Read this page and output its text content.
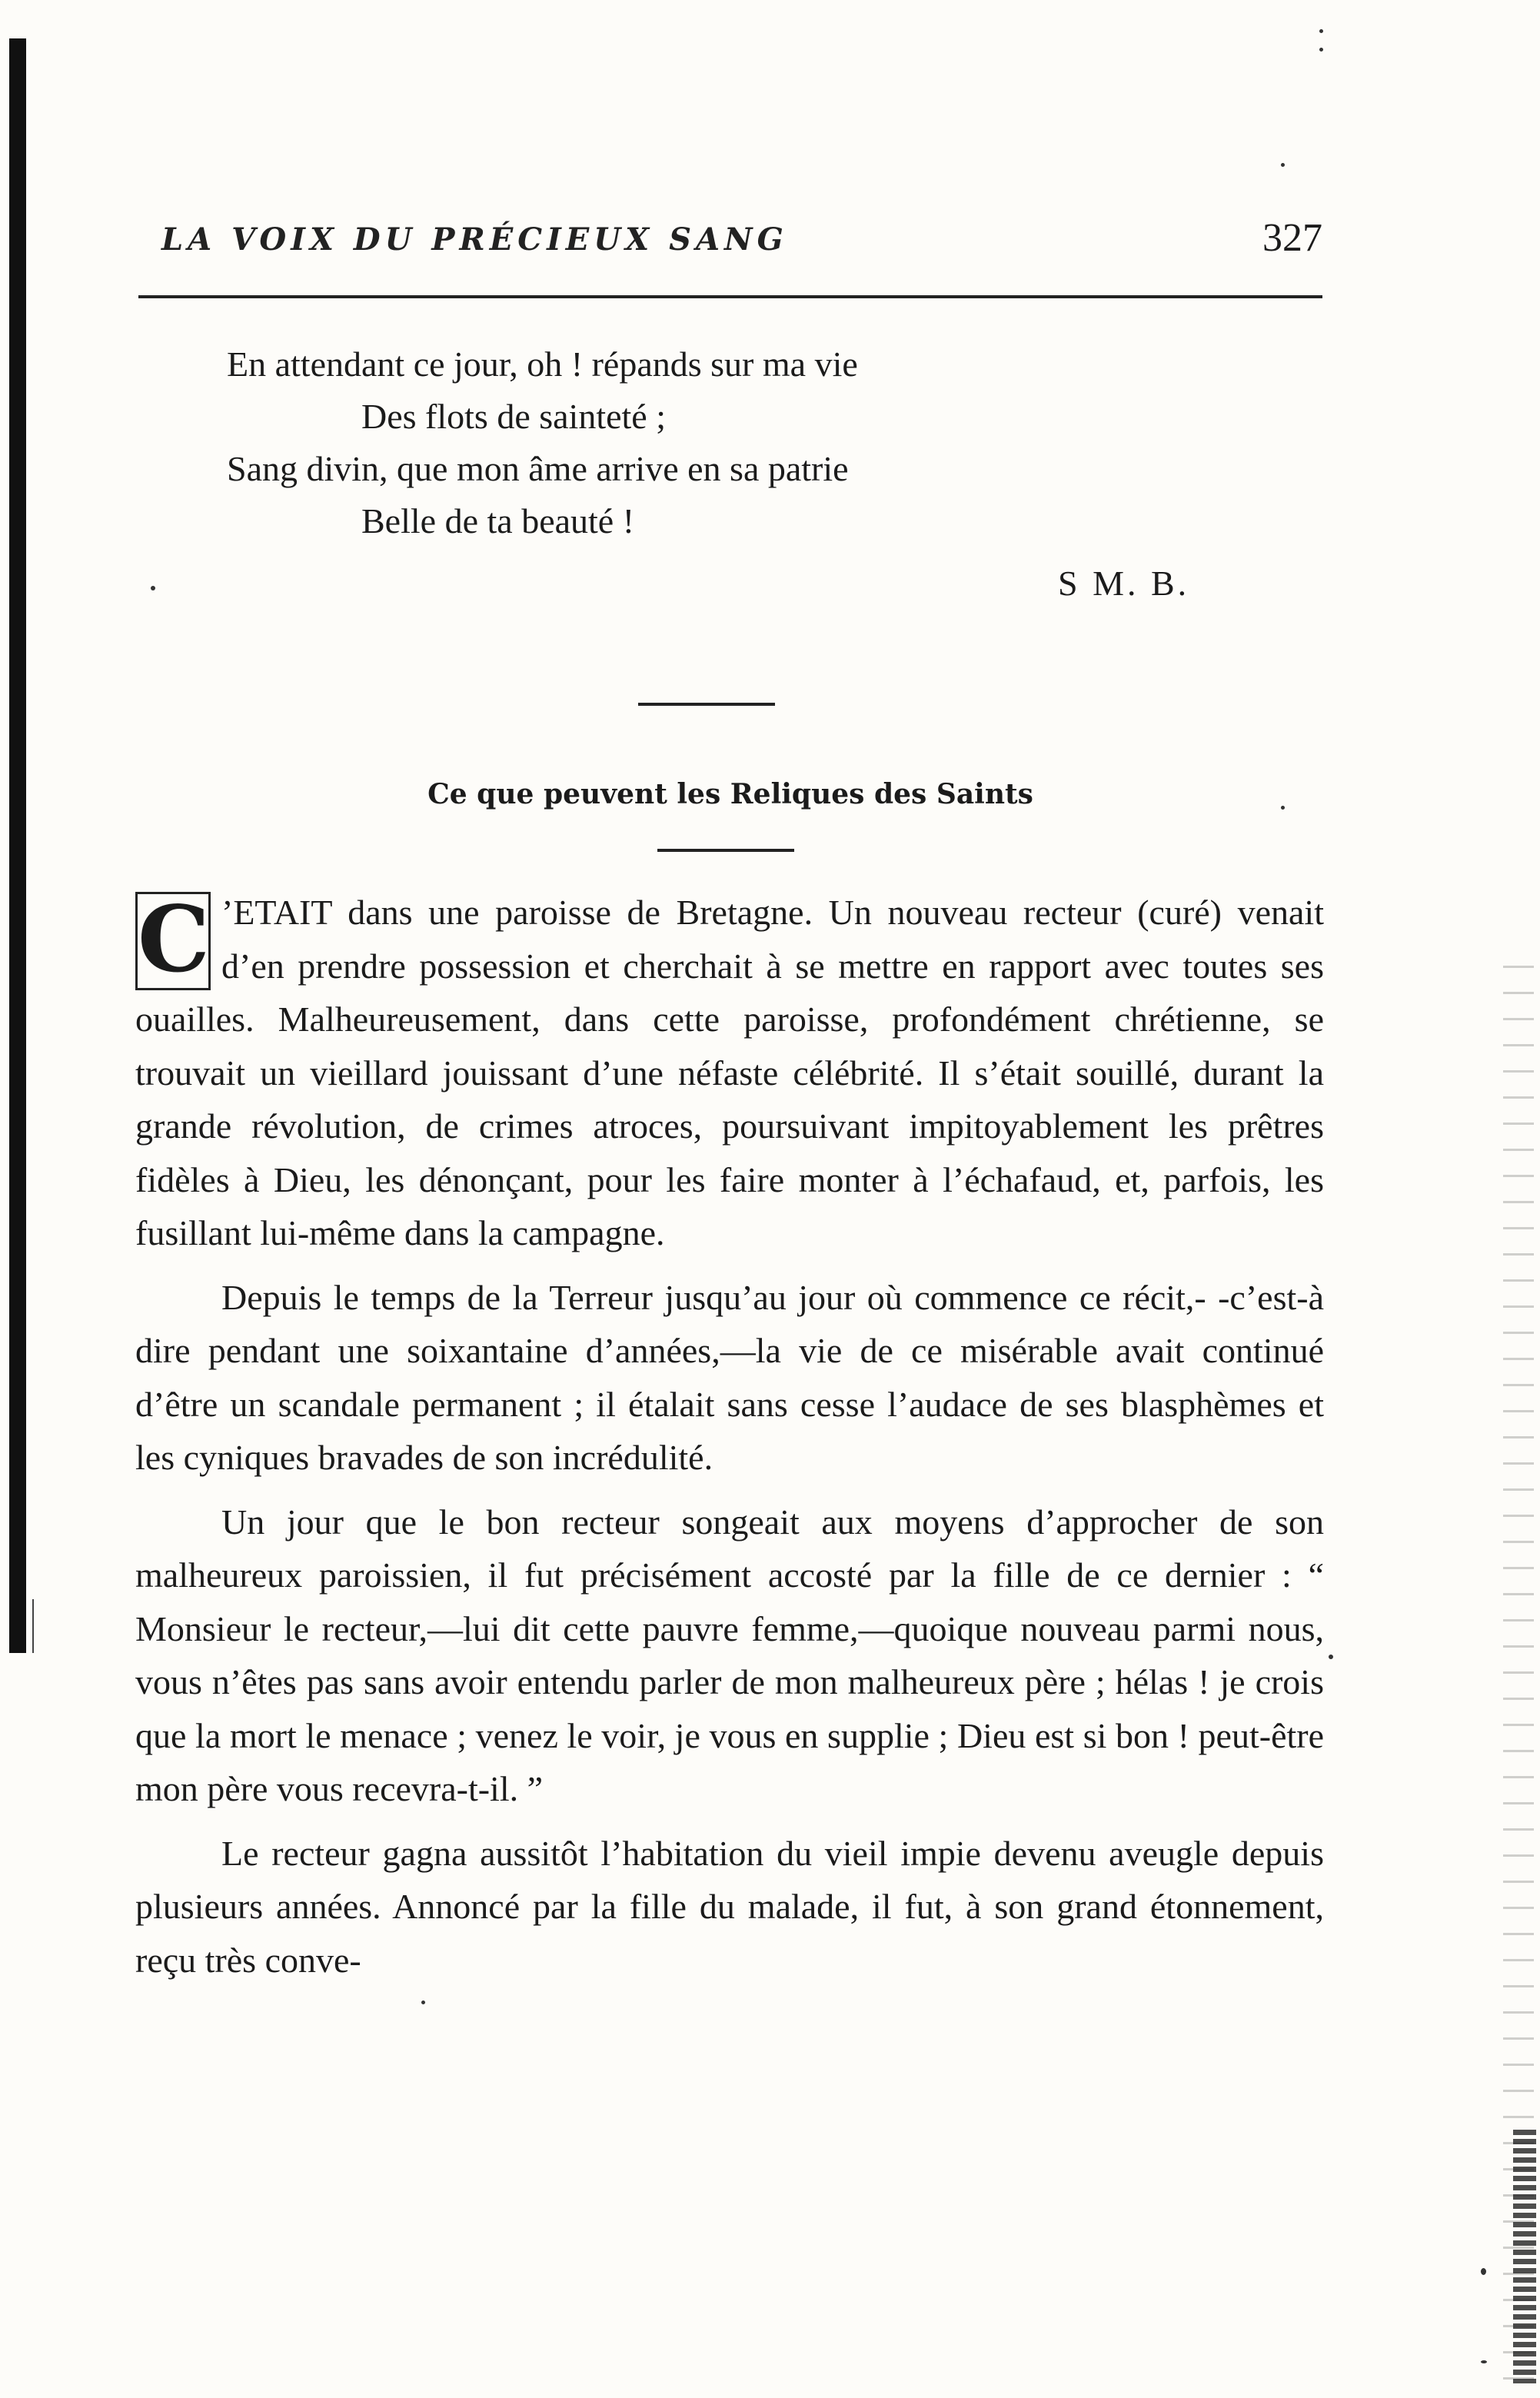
LA VOIX DU PRÉCIEUX SANG	327
En attendant ce jour, oh ! répands sur ma vie
Des flots de sainteté ;
Sang divin, que mon âme arrive en sa patrie
Belle de ta beauté !
S M. B.
Ce que peuvent les Reliques des Saints

C ’ETAIT dans une paroisse de Bretagne. Un nouveau recteur (curé) venait d’en prendre possession et cherchait à se mettre en rapport avec toutes ses ouailles. Malheureusement, dans cette paroisse, profondément chrétienne, se trouvait un vieillard jouissant d’une néfaste célébrité. Il s’était souillé, durant la grande révolution, de crimes atroces, poursuivant impitoyablement les prêtres fidèles à Dieu, les dénonçant, pour les faire monter à l’échafaud, et, parfois, les fusillant lui-même dans la campagne.

Depuis le temps de la Terreur jusqu’au jour où commence ce récit,- -c’est-à dire pendant une soixantaine d’années,—la vie de ce misérable avait continué d’être un scandale permanent ; il étalait sans cesse l’audace de ses blasphèmes et les cyniques bravades de son incrédulité.

Un jour que le bon recteur songeait aux moyens d’approcher de son malheureux paroissien, il fut précisément accosté par la fille de ce dernier : “ Monsieur le recteur,—lui dit cette pauvre femme,—quoique nouveau parmi nous, vous n’êtes pas sans avoir entendu parler de mon malheureux père ; hélas ! je crois que la mort le menace ; venez le voir, je vous en supplie ; Dieu est si bon ! peut-être mon père vous recevra-t-il. ”

Le recteur gagna aussitôt l’habitation du vieil impie devenu aveugle depuis plusieurs années. Annoncé par la fille du malade, il fut, à son grand étonnement, reçu très conve-
